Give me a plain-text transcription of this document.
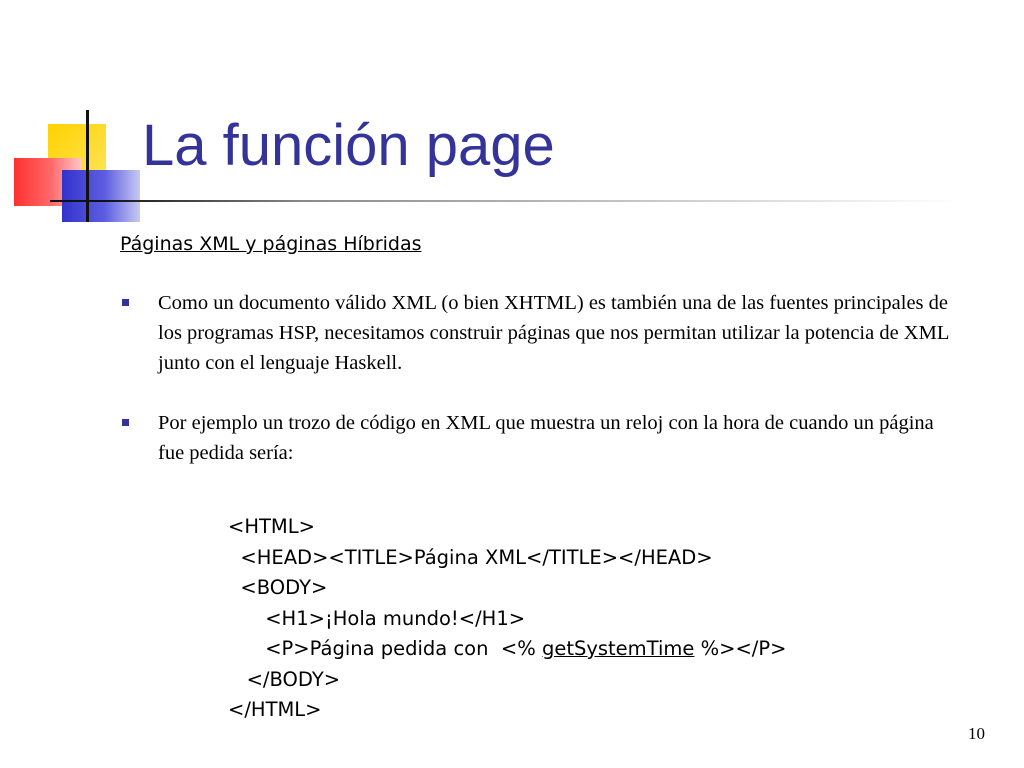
La función page
Páginas XML y páginas Híbridas
Como un documento válido XML (o bien XHTML) es también una de las fuentes principales de los programas HSP, necesitamos construir páginas que nos permitan utilizar la potencia de XML junto con el lenguaje Haskell.
Por ejemplo un trozo de código en XML que muestra un reloj con la hora de cuando un página fue pedida sería:
<HTML>
<HEAD><TITLE>Página XML</TITLE></HEAD>
<BODY>
<H1>¡Hola mundo!</H1>
<P>Página pedida con  <% getSystemTime %></P>
</BODY>
</HTML>
10
